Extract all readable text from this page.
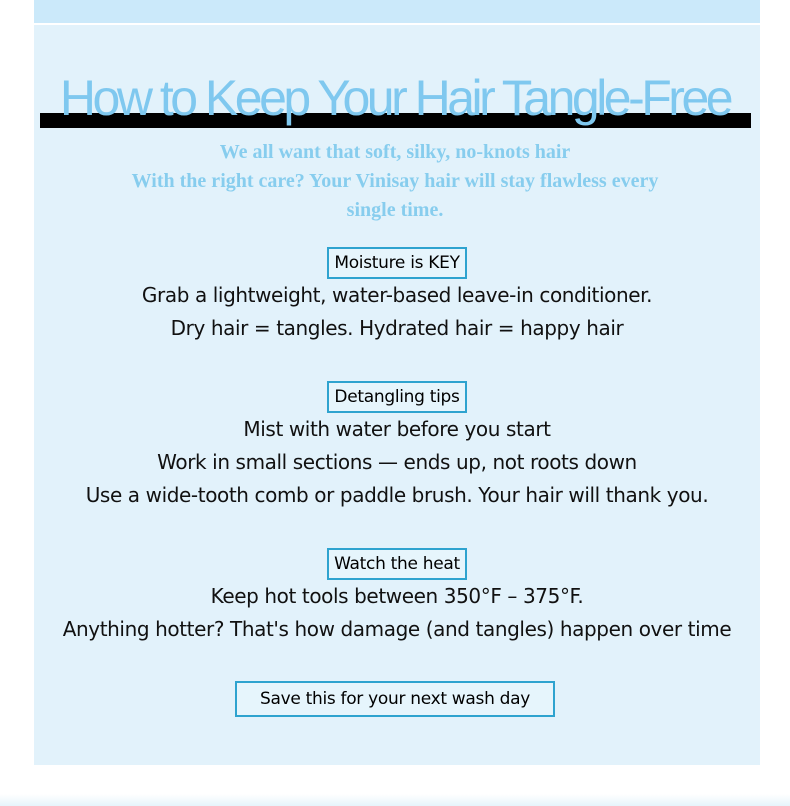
How to Keep Your Hair Tangle-Free
We all want that soft, silky, no-knots hair
With the right care? Your Vinisay hair will stay flawless every
single time.
Moisture is KEY
Grab a lightweight, water-based leave-in conditioner.
Dry hair = tangles. Hydrated hair = happy hair
Detangling tips
Mist with water before you start
Work in small sections — ends up, not roots down
Use a wide-tooth comb or paddle brush. Your hair will thank you.
Watch the heat
Keep hot tools between 350°F – 375°F.
Anything hotter? That's how damage (and tangles) happen over time
Save this for your next wash day
